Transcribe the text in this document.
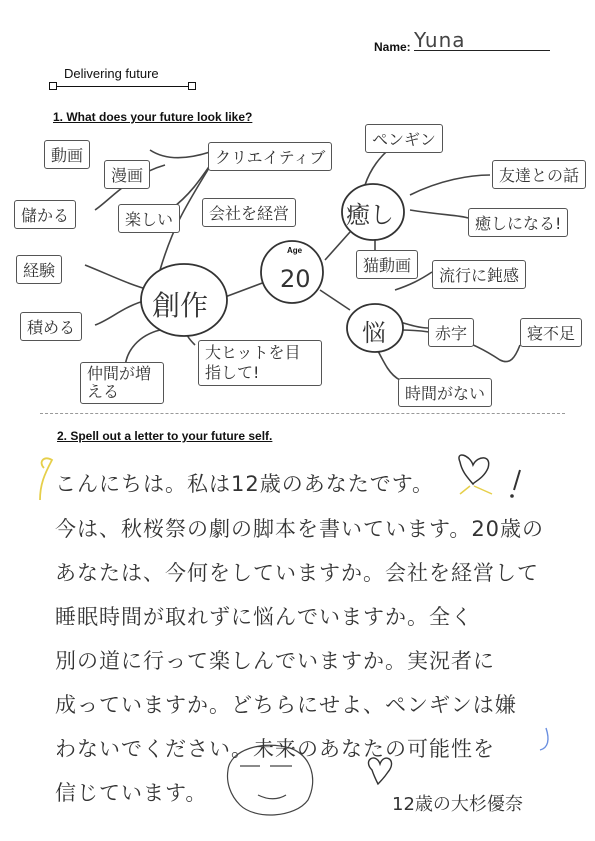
Name: Yuna
Delivering future
1. What does your future look like?
Age
20
創作
癒し
悩
動画
漫画
クリエイティブ
儲かる	楽しい	会社を経営
経験
積める
仲間が増える
大ヒットを目指して!
ペンギン
友達との話
癒しになる!
猫動画
流行に鈍感
赤字	寝不足
時間がない
2. Spell out a letter to your future self.
こんにちは。私は12歳のあなたです。
今は、秋桜祭の劇の脚本を書いています。20歳の
あなたは、今何をしていますか。会社を経営して
睡眠時間が取れずに悩んでいますか。全く
別の道に行って楽しんでいますか。実況者に
成っていますか。どちらにせよ、ペンギンは嫌
わないでください。未来のあなたの可能性を
信じています。	12歳の大杉優奈
